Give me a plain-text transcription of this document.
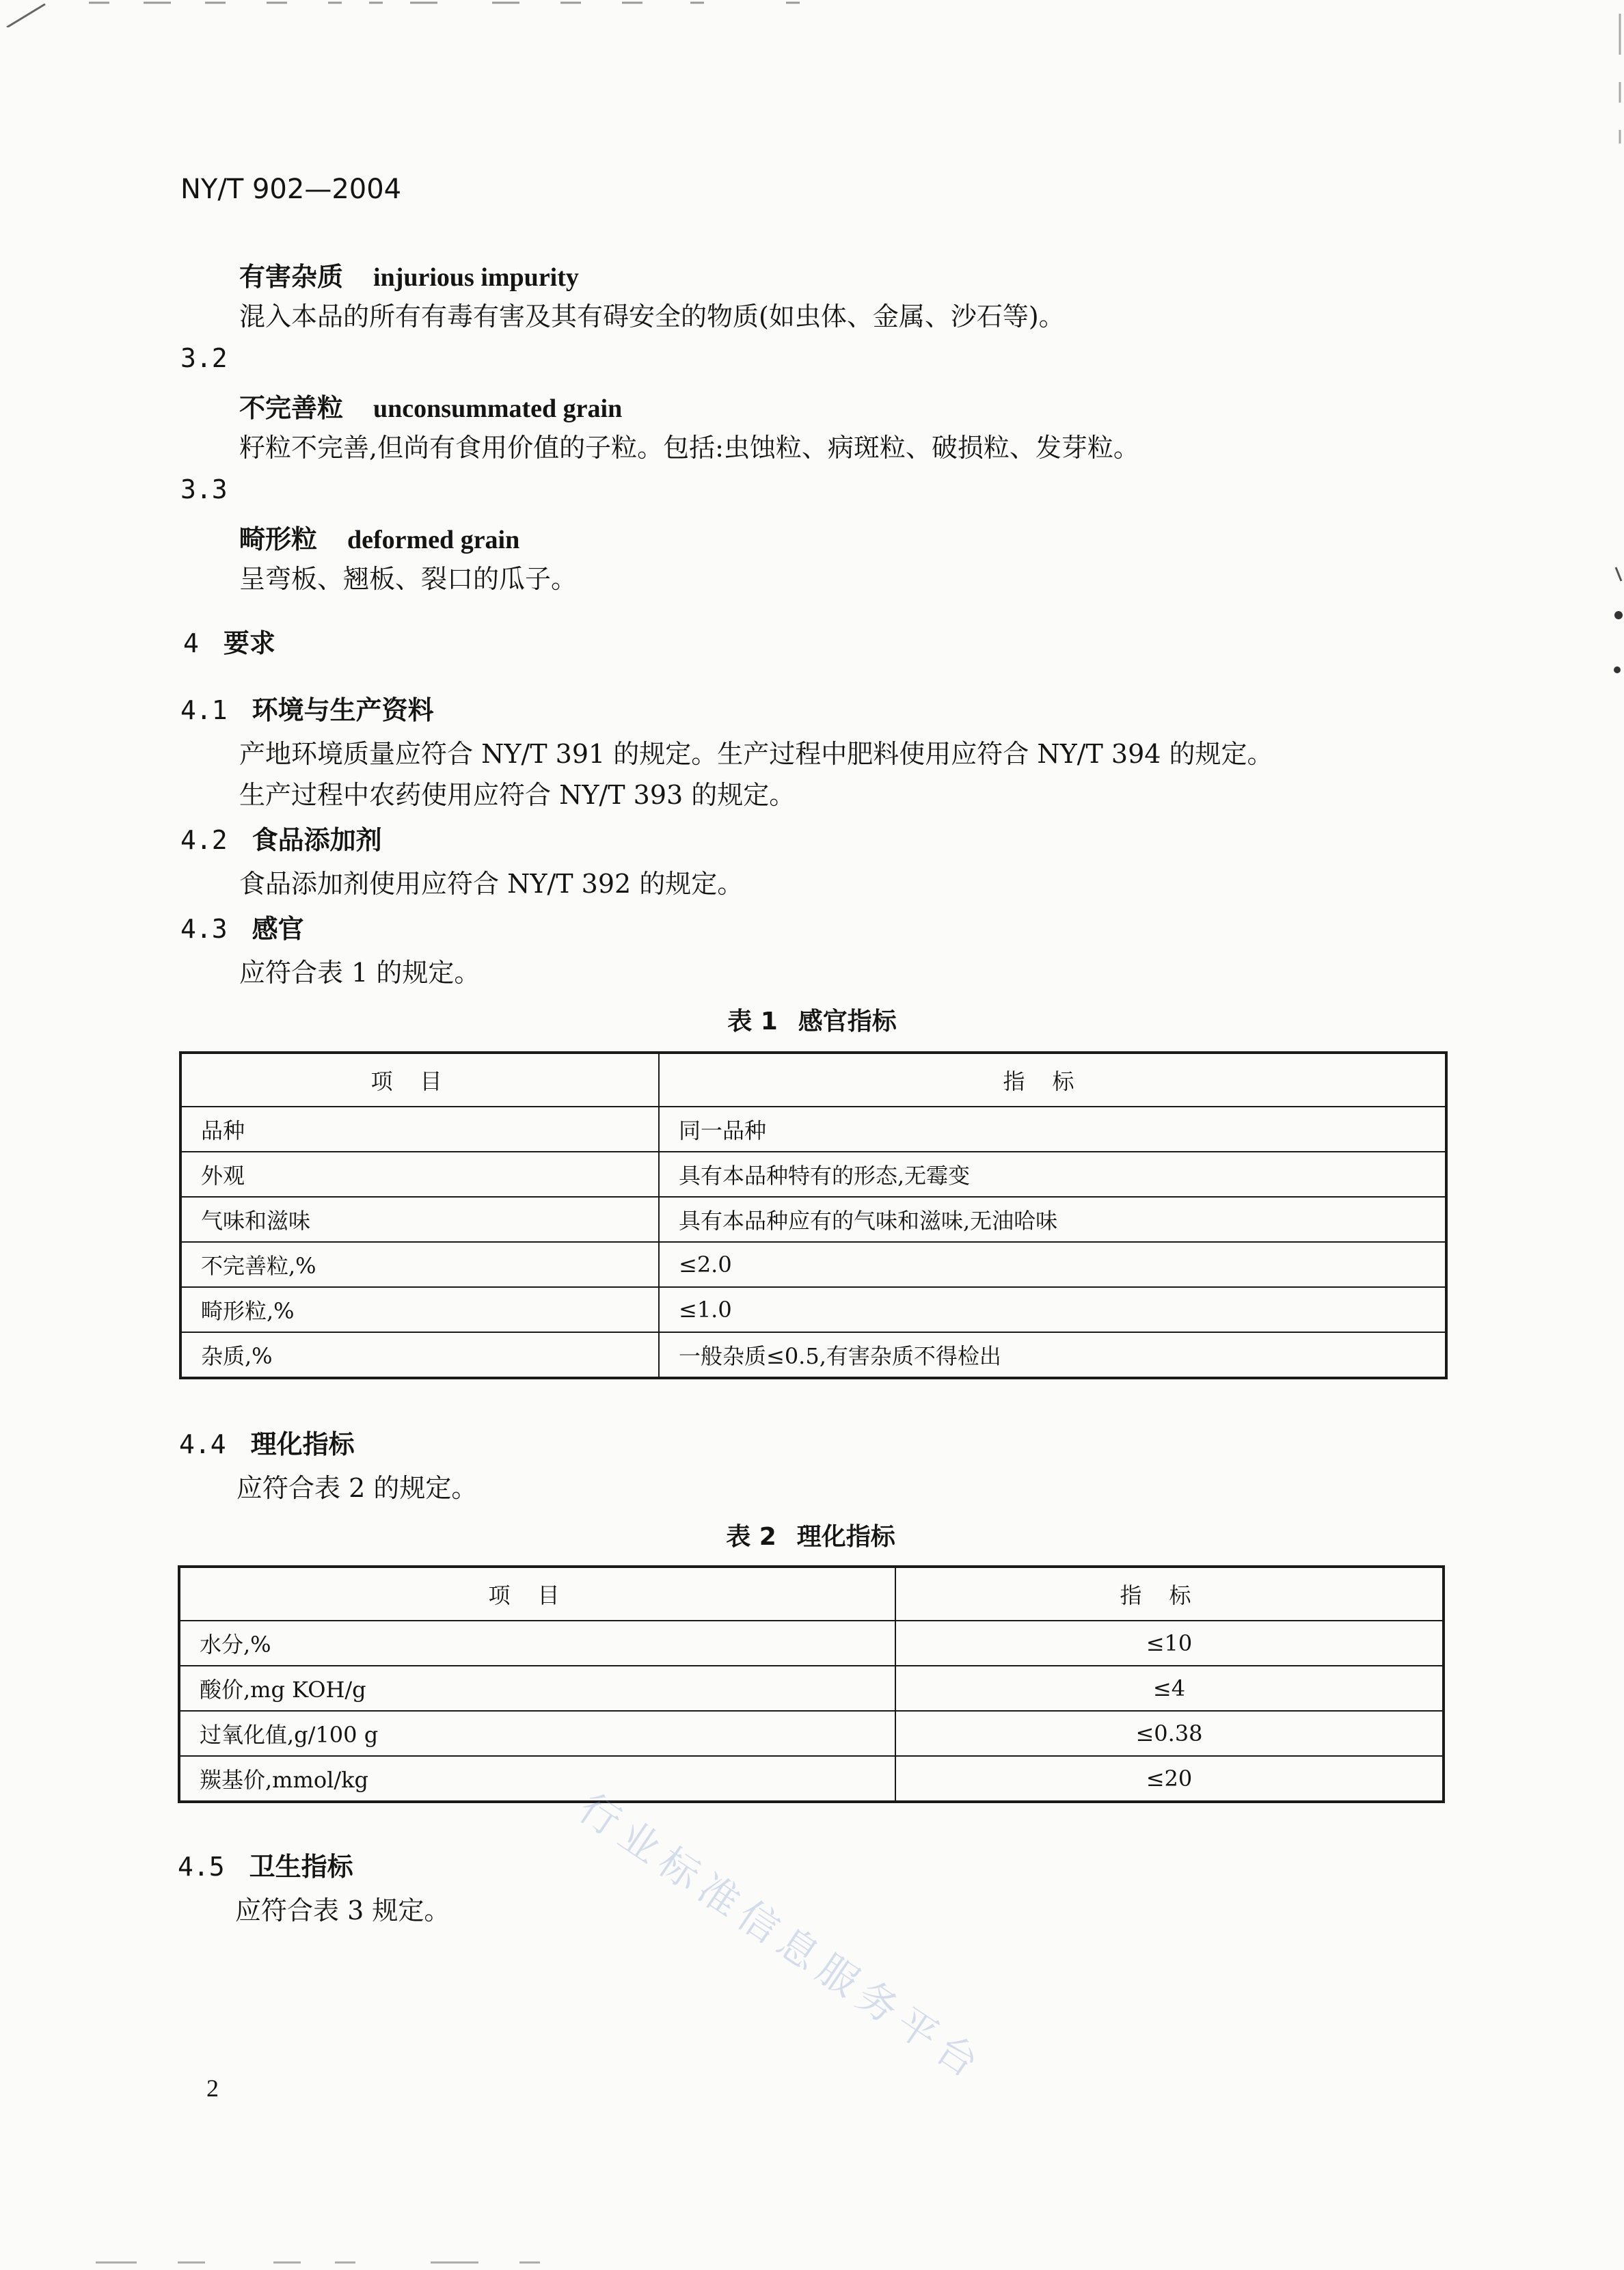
NY/T 902—2004
有害杂质 injurious impurity
混入本品的所有有毒有害及其有碍安全的物质(如虫体、金属、沙石等)。
3.2
不完善粒 unconsummated grain
籽粒不完善,但尚有食用价值的子粒。包括:虫蚀粒、病斑粒、破损粒、发芽粒。
3.3
畸形粒 deformed grain
呈弯板、翘板、裂口的瓜子。
4 要求
4.1 环境与生产资料
产地环境质量应符合 NY/T 391 的规定。生产过程中肥料使用应符合 NY/T 394 的规定。
生产过程中农药使用应符合 NY/T 393 的规定。
4.2 食品添加剂
食品添加剂使用应符合 NY/T 392 的规定。
4.3 感官
应符合表 1 的规定。
表 1 感官指标
项目	指标
品种	同一品种
外观	具有本品种特有的形态,无霉变
气味和滋味	具有本品种应有的气味和滋味,无油哈味
不完善粒,%	≤2.0
畸形粒,%	≤1.0
杂质,%	一般杂质≤0.5,有害杂质不得检出
4.4 理化指标
应符合表 2 的规定。
表 2 理化指标
项目	指标
水分,%	≤10
酸价,mg KOH/g	≤4
过氧化值,g/100 g	≤0.38
羰基价,mmol/kg	≤20
4.5 卫生指标
应符合表 3 规定。	行业标准信息服务平台
2
